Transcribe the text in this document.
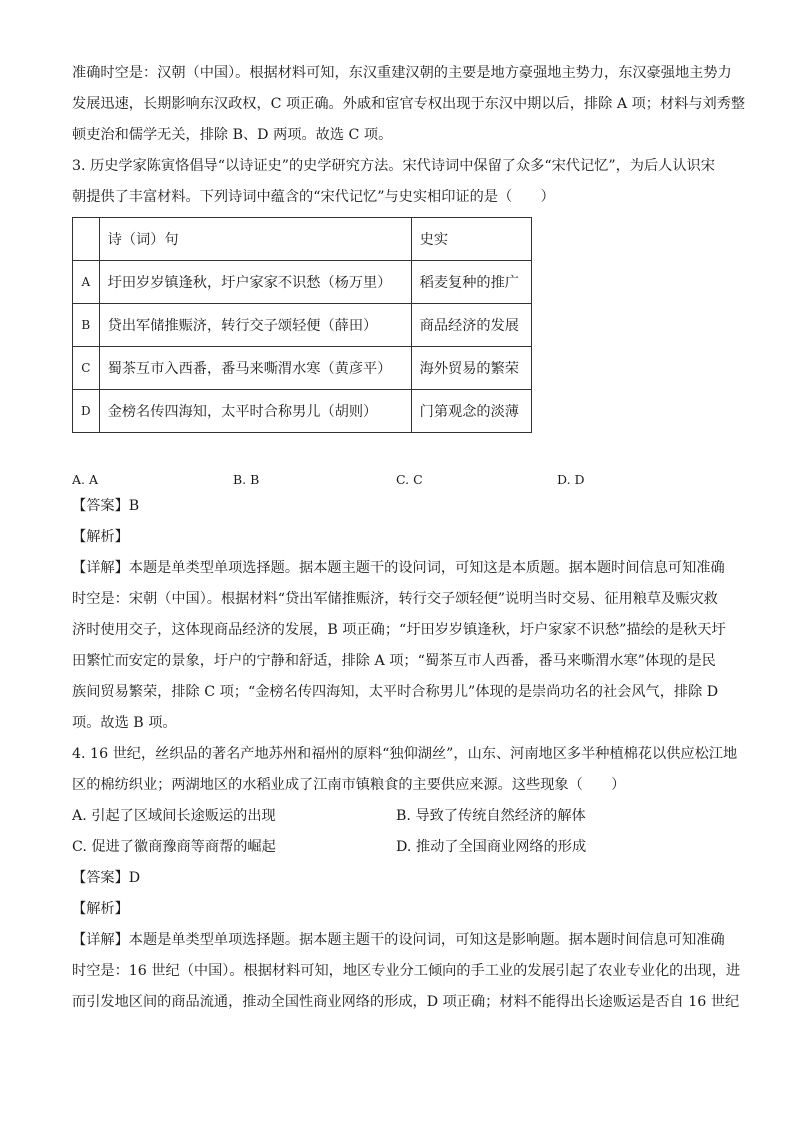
准确时空是：汉朝（中国）。根据材料可知，东汉重建汉朝的主要是地方豪强地主势力，东汉豪强地主势力
发展迅速，长期影响东汉政权，C 项正确。外戚和宦官专权出现于东汉中期以后，排除 A 项；材料与刘秀整
顿吏治和儒学无关，排除 B、D 两项。故选 C 项。

3. 历史学家陈寅恪倡导“以诗证史”的史学研究方法。宋代诗词中保留了众多“宋代记忆”，为后人认识宋
朝提供了丰富材料。下列诗词中蕴含的“宋代记忆”与史实相印证的是（　　）

	诗（词）句	史实
A	圩田岁岁镇逢秋，圩户家家不识愁（杨万里）	稻麦复种的推广
B	贷出军储推赈济，转行交子颂轻便（薛田）	商品经济的发展
C	蜀茶互市入西番，番马来嘶渭水寒（黄彦平）	海外贸易的繁荣
D	金榜名传四海知，太平时合称男儿（胡则）	门第观念的淡薄
A. A	B. B	C. C	D. D
【答案】B
【解析】

【详解】本题是单类型单项选择题。据本题主题干的设问词，可知这是本质题。据本题时间信息可知准确
时空是：宋朝（中国）。根据材料“贷出军储推赈济，转行交子颂轻便”说明当时交易、征用粮草及赈灾救
济时使用交子，这体现商品经济的发展，B 项正确；“圩田岁岁镇逢秋，圩户家家不识愁”描绘的是秋天圩
田繁忙而安定的景象，圩户的宁静和舒适，排除 A 项；“蜀茶互市人西番，番马来嘶渭水寒”体现的是民
族间贸易繁荣，排除 C 项；“金榜名传四海知，太平时合称男儿”体现的是崇尚功名的社会风气，排除 D
项。故选 B 项。

4. 16 世纪，丝织品的著名产地苏州和福州的原料“独仰湖丝”，山东、河南地区多半种植棉花以供应松江地
区的棉纺织业；两湖地区的水稻业成了江南市镇粮食的主要供应来源。这些现象（　　）

A. 引起了区域间长途贩运的出现	B. 导致了传统自然经济的解体
C. 促进了徽商豫商等商帮的崛起	D. 推动了全国商业网络的形成
【答案】D
【解析】

【详解】本题是单类型单项选择题。据本题主题干的设问词，可知这是影响题。据本题时间信息可知准确
时空是：16 世纪（中国）。根据材料可知，地区专业分工倾向的手工业的发展引起了农业专业化的出现，进
而引发地区间的商品流通，推动全国性商业网络的形成，D 项正确；材料不能得出长途贩运是否自 16 世纪
